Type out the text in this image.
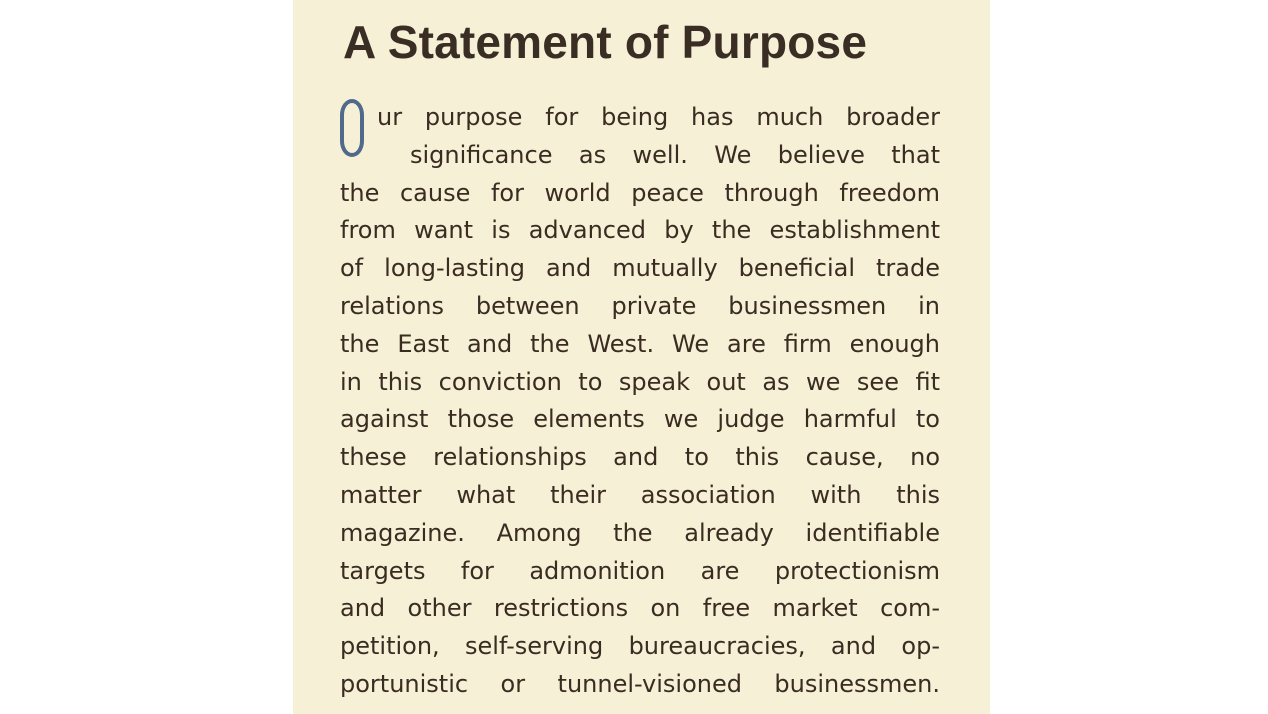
A Statement of Purpose
ur purpose for being has much broader
significance as well. We believe that
the cause for world peace through freedom
from want is advanced by the establishment
of long-lasting and mutually beneficial trade
relations between private businessmen in
the East and the West. We are firm enough
in this conviction to speak out as we see fit
against those elements we judge harmful to
these relationships and to this cause, no
matter what their association with this
magazine. Among the already identifiable
targets for admonition are protectionism
and other restrictions on free market com-
petition, self-serving bureaucracies, and op-
portunistic or tunnel-visioned businessmen.
